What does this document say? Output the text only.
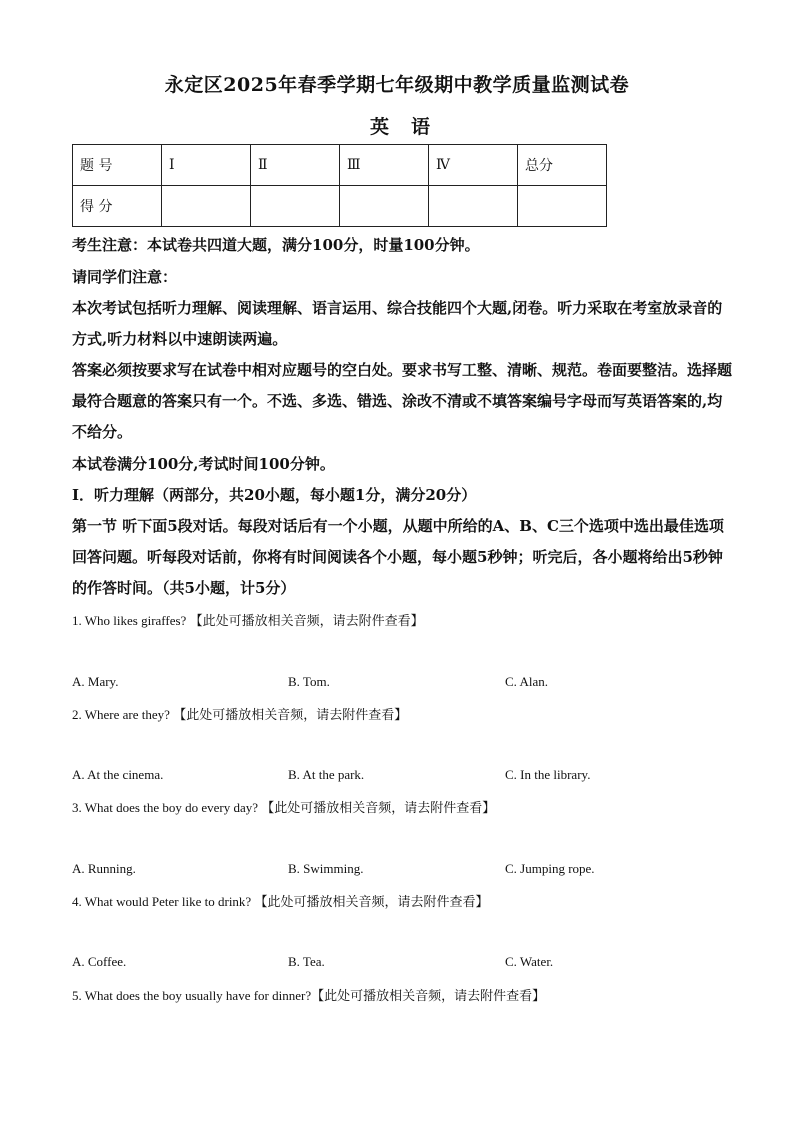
永定区2025年春季学期七年级期中教学质量监测试卷
英语
题 号	Ⅰ	Ⅱ	Ⅲ	Ⅳ	总分
得 分					
考生注意：本试卷共四道大题，满分100分，时量100分钟。
请同学们注意：
本次考试包括听力理解、阅读理解、语言运用、综合技能四个大题,闭卷。听力采取在考室放录音的方式,听力材料以中速朗读两遍。
答案必须按要求写在试卷中相对应题号的空白处。要求书写工整、清晰、规范。卷面要整洁。选择题最符合题意的答案只有一个。不选、多选、错选、涂改不清或不填答案编号字母而写英语答案的,均不给分。
本试卷满分100分,考试时间100分钟。
Ⅰ．听力理解（两部分，共20小题，每小题1分，满分20分）
第一节 听下面5段对话。每段对话后有一个小题，从题中所给的A、B、C三个选项中选出最佳选项回答问题。听每段对话前，你将有时间阅读各个小题，每小题5秒钟；听完后，各小题将给出5秒钟的作答时间。（共5小题，计5分）
1. Who likes giraffes? 【此处可播放相关音频，请去附件查看】
A. Mary.	B. Tom.	C. Alan.
2. Where are they? 【此处可播放相关音频，请去附件查看】
A. At the cinema.	B. At the park.	C. In the library.
3. What does the boy do every day? 【此处可播放相关音频，请去附件查看】
A. Running.	B. Swimming.	C. Jumping rope.
4. What would Peter like to drink? 【此处可播放相关音频，请去附件查看】
A. Coffee.	B. Tea.	C. Water.
5. What does the boy usually have for dinner?【此处可播放相关音频，请去附件查看】
